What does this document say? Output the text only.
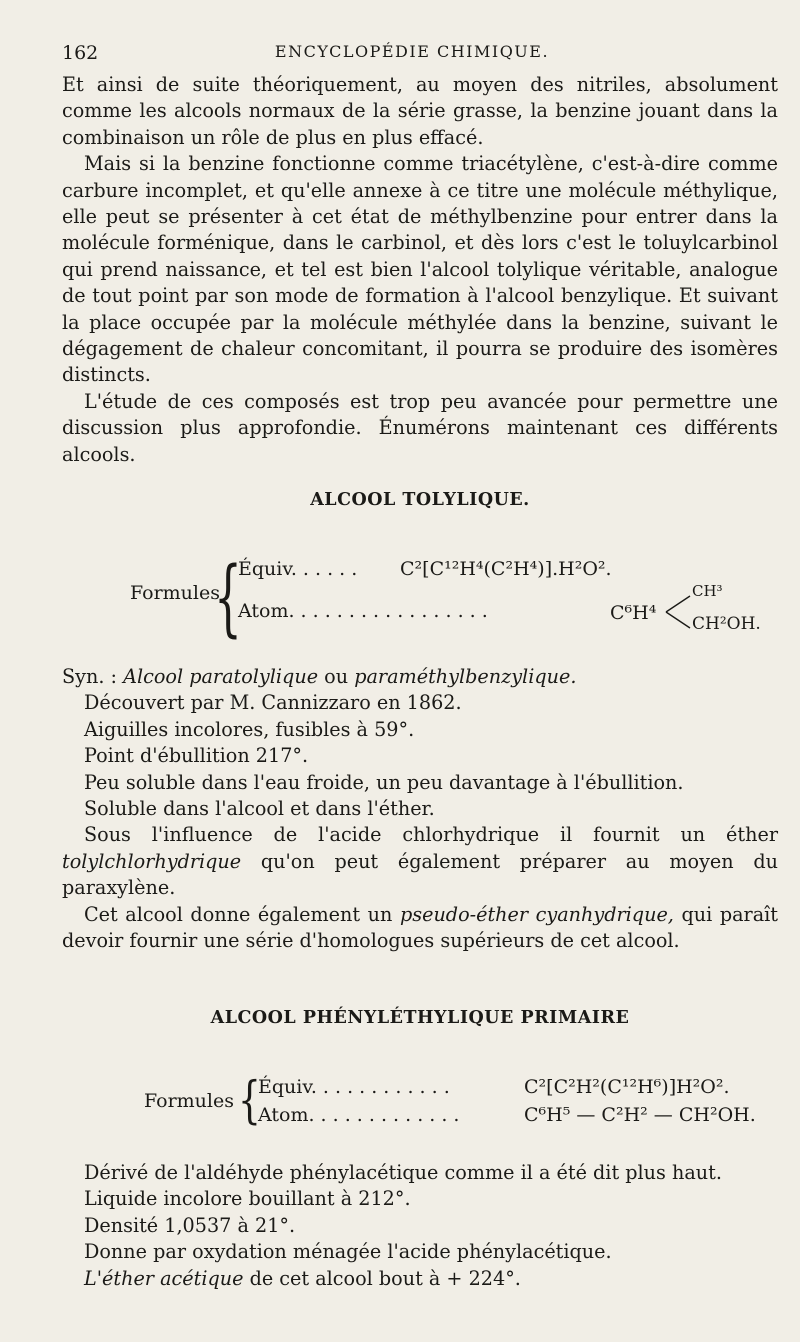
162	ENCYCLOPÉDIE CHIMIQUE.

Et ainsi de suite théoriquement, au moyen des nitriles, absolument comme les alcools normaux de la série grasse, la benzine jouant dans la combinaison un rôle de plus en plus effacé.

Mais si la benzine fonctionne comme triacétylène, c'est-à-dire comme carbure incomplet, et qu'elle annexe à ce titre une molécule méthylique, elle peut se présenter à cet état de méthylbenzine pour entrer dans la molécule forménique, dans le carbinol, et dès lors c'est le toluylcarbinol qui prend naissance, et tel est bien l'alcool tolylique véritable, analogue de tout point par son mode de formation à l'alcool benzylique. Et suivant la place occupée par la molécule méthylée dans la benzine, suivant le dégagement de chaleur concomitant, il pourra se produire des isomères distincts.

L'étude de ces composés est trop peu avancée pour permettre une discussion plus approfondie. Énumérons maintenant ces différents alcools.

ALCOOL TOLYLIQUE.
Formules
{
Équiv. . . . . . C²[C¹²H⁴(C²H⁴)].H²O².
Atom. . . . . . . . . . . . . . . . .	C⁶H⁴
CH³
CH²OH.

Syn. : Alcool paratolylique ou paraméthylbenzylique.

Découvert par M. Cannizzaro en 1862.

Aiguilles incolores, fusibles à 59°.

Point d'ébullition 217°.

Peu soluble dans l'eau froide, un peu davantage à l'ébullition.

Soluble dans l'alcool et dans l'éther.

Sous l'influence de l'acide chlorhydrique il fournit un éther tolylchlorhydrique qu'on peut également préparer au moyen du paraxylène.

Cet alcool donne également un pseudo-éther cyanhydrique, qui paraît devoir fournir une série d'homologues supérieurs de cet alcool.

ALCOOL PHÉNYLÉTHYLIQUE PRIMAIRE
Formules {
Équiv. . . . . . . . . . . .	C²[C²H²(C¹²H⁶)]H²O².
Atom. . . . . . . . . . . . .	C⁶H⁵ — C²H² — CH²OH.

Dérivé de l'aldéhyde phénylacétique comme il a été dit plus haut.

Liquide incolore bouillant à 212°.

Densité 1,0537 à 21°.

Donne par oxydation ménagée l'acide phénylacétique.

L'éther acétique de cet alcool bout à + 224°.
